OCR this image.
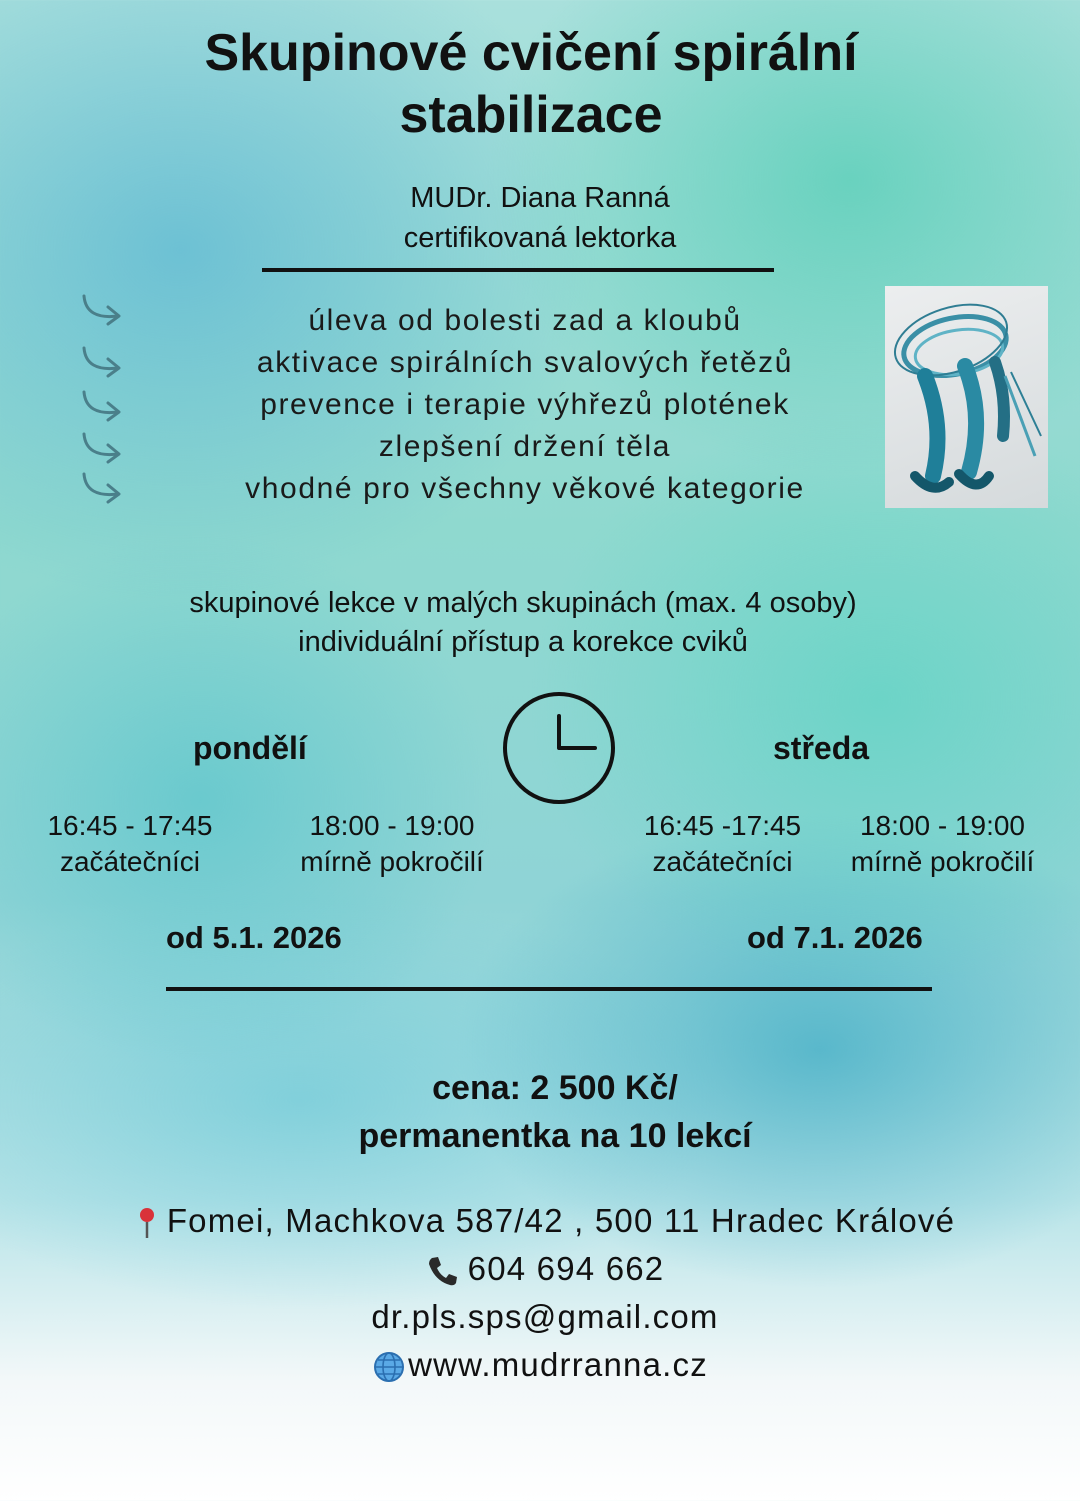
Skupinové cvičení spirální
stabilizace
MUDr. Diana Ranná
certifikovaná lektorka
úleva od bolesti zad a kloubů
aktivace spirálních svalových řetězů
prevence i terapie výhřezů plotének
zlepšení držení těla
vhodné pro všechny věkové kategorie
skupinové lekce v malých skupinách (max. 4 osoby)
individuální přístup a korekce cviků
pondělí
16:45 - 17:45
začátečníci
18:00 - 19:00
mírně pokročilí
od 5.1. 2026
středa
16:45 -17:45
začátečníci
18:00 - 19:00
mírně pokročilí
od 7.1. 2026
cena: 2 500 Kč/
permanentka na 10 lekcí
Fomei, Machkova 587/42 , 500 11 Hradec Králové
604 694 662
dr.pls.sps@gmail.com
www.mudrranna.cz
